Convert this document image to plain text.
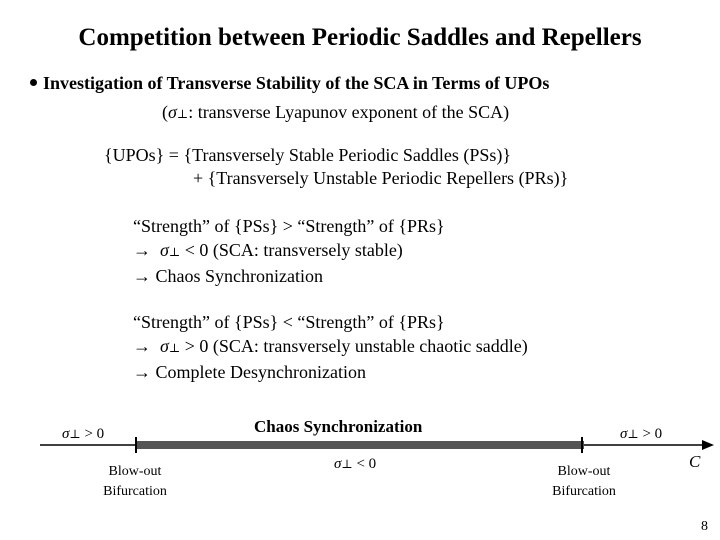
Competition between Periodic Saddles and Repellers
Investigation of Transverse Stability of the SCA in Terms of UPOs
(σ⊥: transverse Lyapunov exponent of the SCA)
{UPOs} = {Transversely Stable Periodic Saddles (PSs)}
+ {Transversely Unstable Periodic Repellers (PRs)}
“Strength” of {PSs} > “Strength” of {PRs}
→ σ⊥ < 0 (SCA: transversely stable)
→ Chaos Synchronization
“Strength” of {PSs} < “Strength” of {PRs}
→ σ⊥ > 0 (SCA: transversely unstable chaotic saddle)
→ Complete Desynchronization
Chaos Synchronization
σ⊥ > 0
σ⊥ < 0
σ⊥ > 0
C
Blow-out
Bifurcation
Blow-out
Bifurcation
8
